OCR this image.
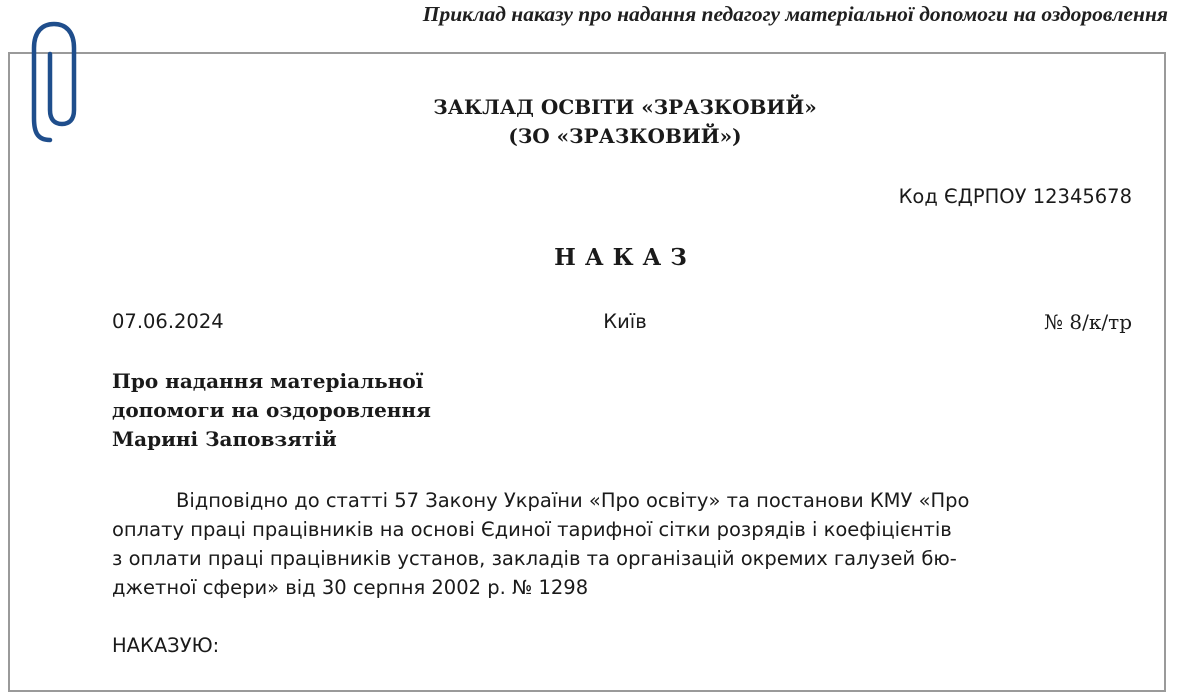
Приклад наказу про надання педагогу матеріальної допомоги на оздоровлення
ЗАКЛАД ОСВІТИ «ЗРАЗКОВИЙ»
(ЗО «ЗРАЗКОВИЙ»)
Код ЄДРПОУ 12345678
НАКАЗ
07.06.2024	Київ	№ 8/к/тр
Про надання матеріальної
допомоги на оздоровлення
Марині Заповзятій
Відповідно до статті 57 Закону України «Про освіту» та постанови КМУ «Про
оплату праці працівників на основі Єдиної тарифної сітки розрядів і коефіцієнтів
з оплати праці працівників установ, закладів та організацій окремих галузей бю-
джетної сфери» від 30 серпня 2002 р. № 1298
НАКАЗУЮ:
